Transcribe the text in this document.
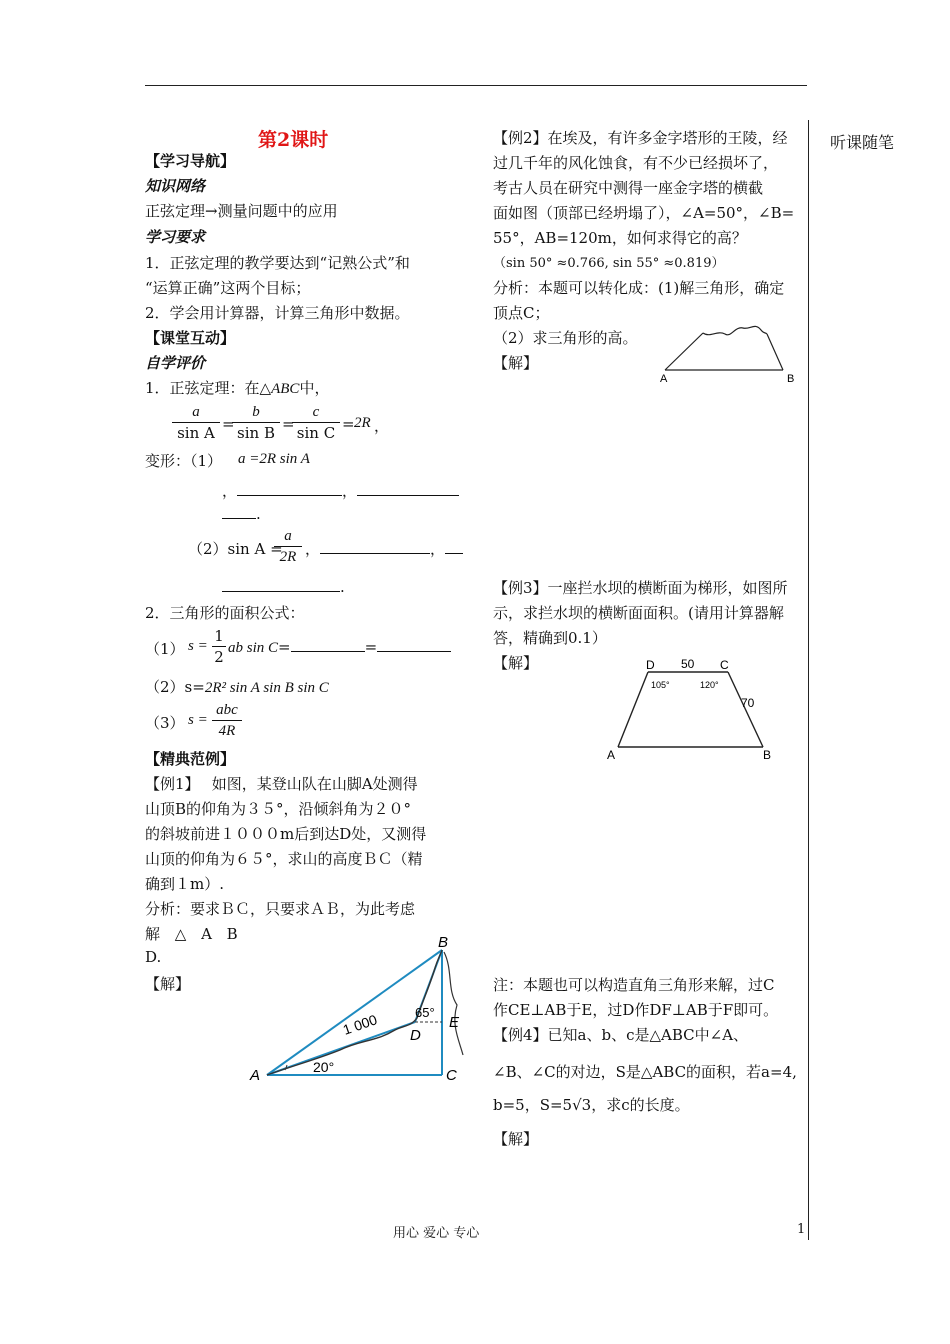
听课随笔
第2课时
【学习导航】
知识网络
正弦定理→测量问题中的应用
学习要求
1．正弦定理的教学要达到“记熟公式”和
“运算正确”这两个目标；
2．学会用计算器，计算三角形中数据。
【课堂互动】
自学评价
1．正弦定理：在△ABC中，
$\frac{a}{\text{sin A}}$ =
$\frac{b}{\text{sin B}}$ =
$\frac{c}{\text{sin C}} = 2R$ ，
变形：（1） a =2R sin A
，	，
.
（2）sin A =
$\frac{a}{2R}$ ，	，
.
2．三角形的面积公式：
（1） $s = \frac{1}{2}$ ab sin C=	=
（2）s=2R² sin A sin B sin C
（3） s =
abc
4R
【精典范例】
【例1】　 如图，某登山队在山脚A处测得
山顶B的仰角为３５°，沿倾斜角为２０°
的斜坡前进１０００m后到达D处，又测得
山顶的仰角为６５°，求山的高度ＢＣ（精
确到１m）.
分析：要求ＢＣ，只要求ＡＢ，为此考虑
解 △ A B
D.
【解】
A
B
C
D
E
1 000
20°
65°
【例2】在埃及，有许多金字塔形的王陵，经
过几千年的风化蚀食，有不少已经损坏了，
考古人员在研究中测得一座金字塔的横截
面如图（顶部已经坍塌了），∠A=50°，∠B=
55°，AB=120m，如何求得它的高？
（sin 50° ≈0.766, sin 55° ≈0.819）
分析：本题可以转化成：(1)解三角形，确定
顶点C；
（2）求三角形的高。
【解】
A	B
【例3】一座拦水坝的横断面为梯形，如图所
示，求拦水坝的横断面面积。(请用计算器解
答，精确到0.1）
【解】
A	B
C
D 50
70
105°	120°
注：本题也可以构造直角三角形来解，过C
作CE⊥AB于E，过D作DF⊥AB于F即可。
【例4】已知a、b、c是△ABC中∠A、
∠B、∠C的对边，S是△ABC的面积，若a=4,
b=5，S=5√3，求c的长度。
【解】
用心 爱心 专心	1
